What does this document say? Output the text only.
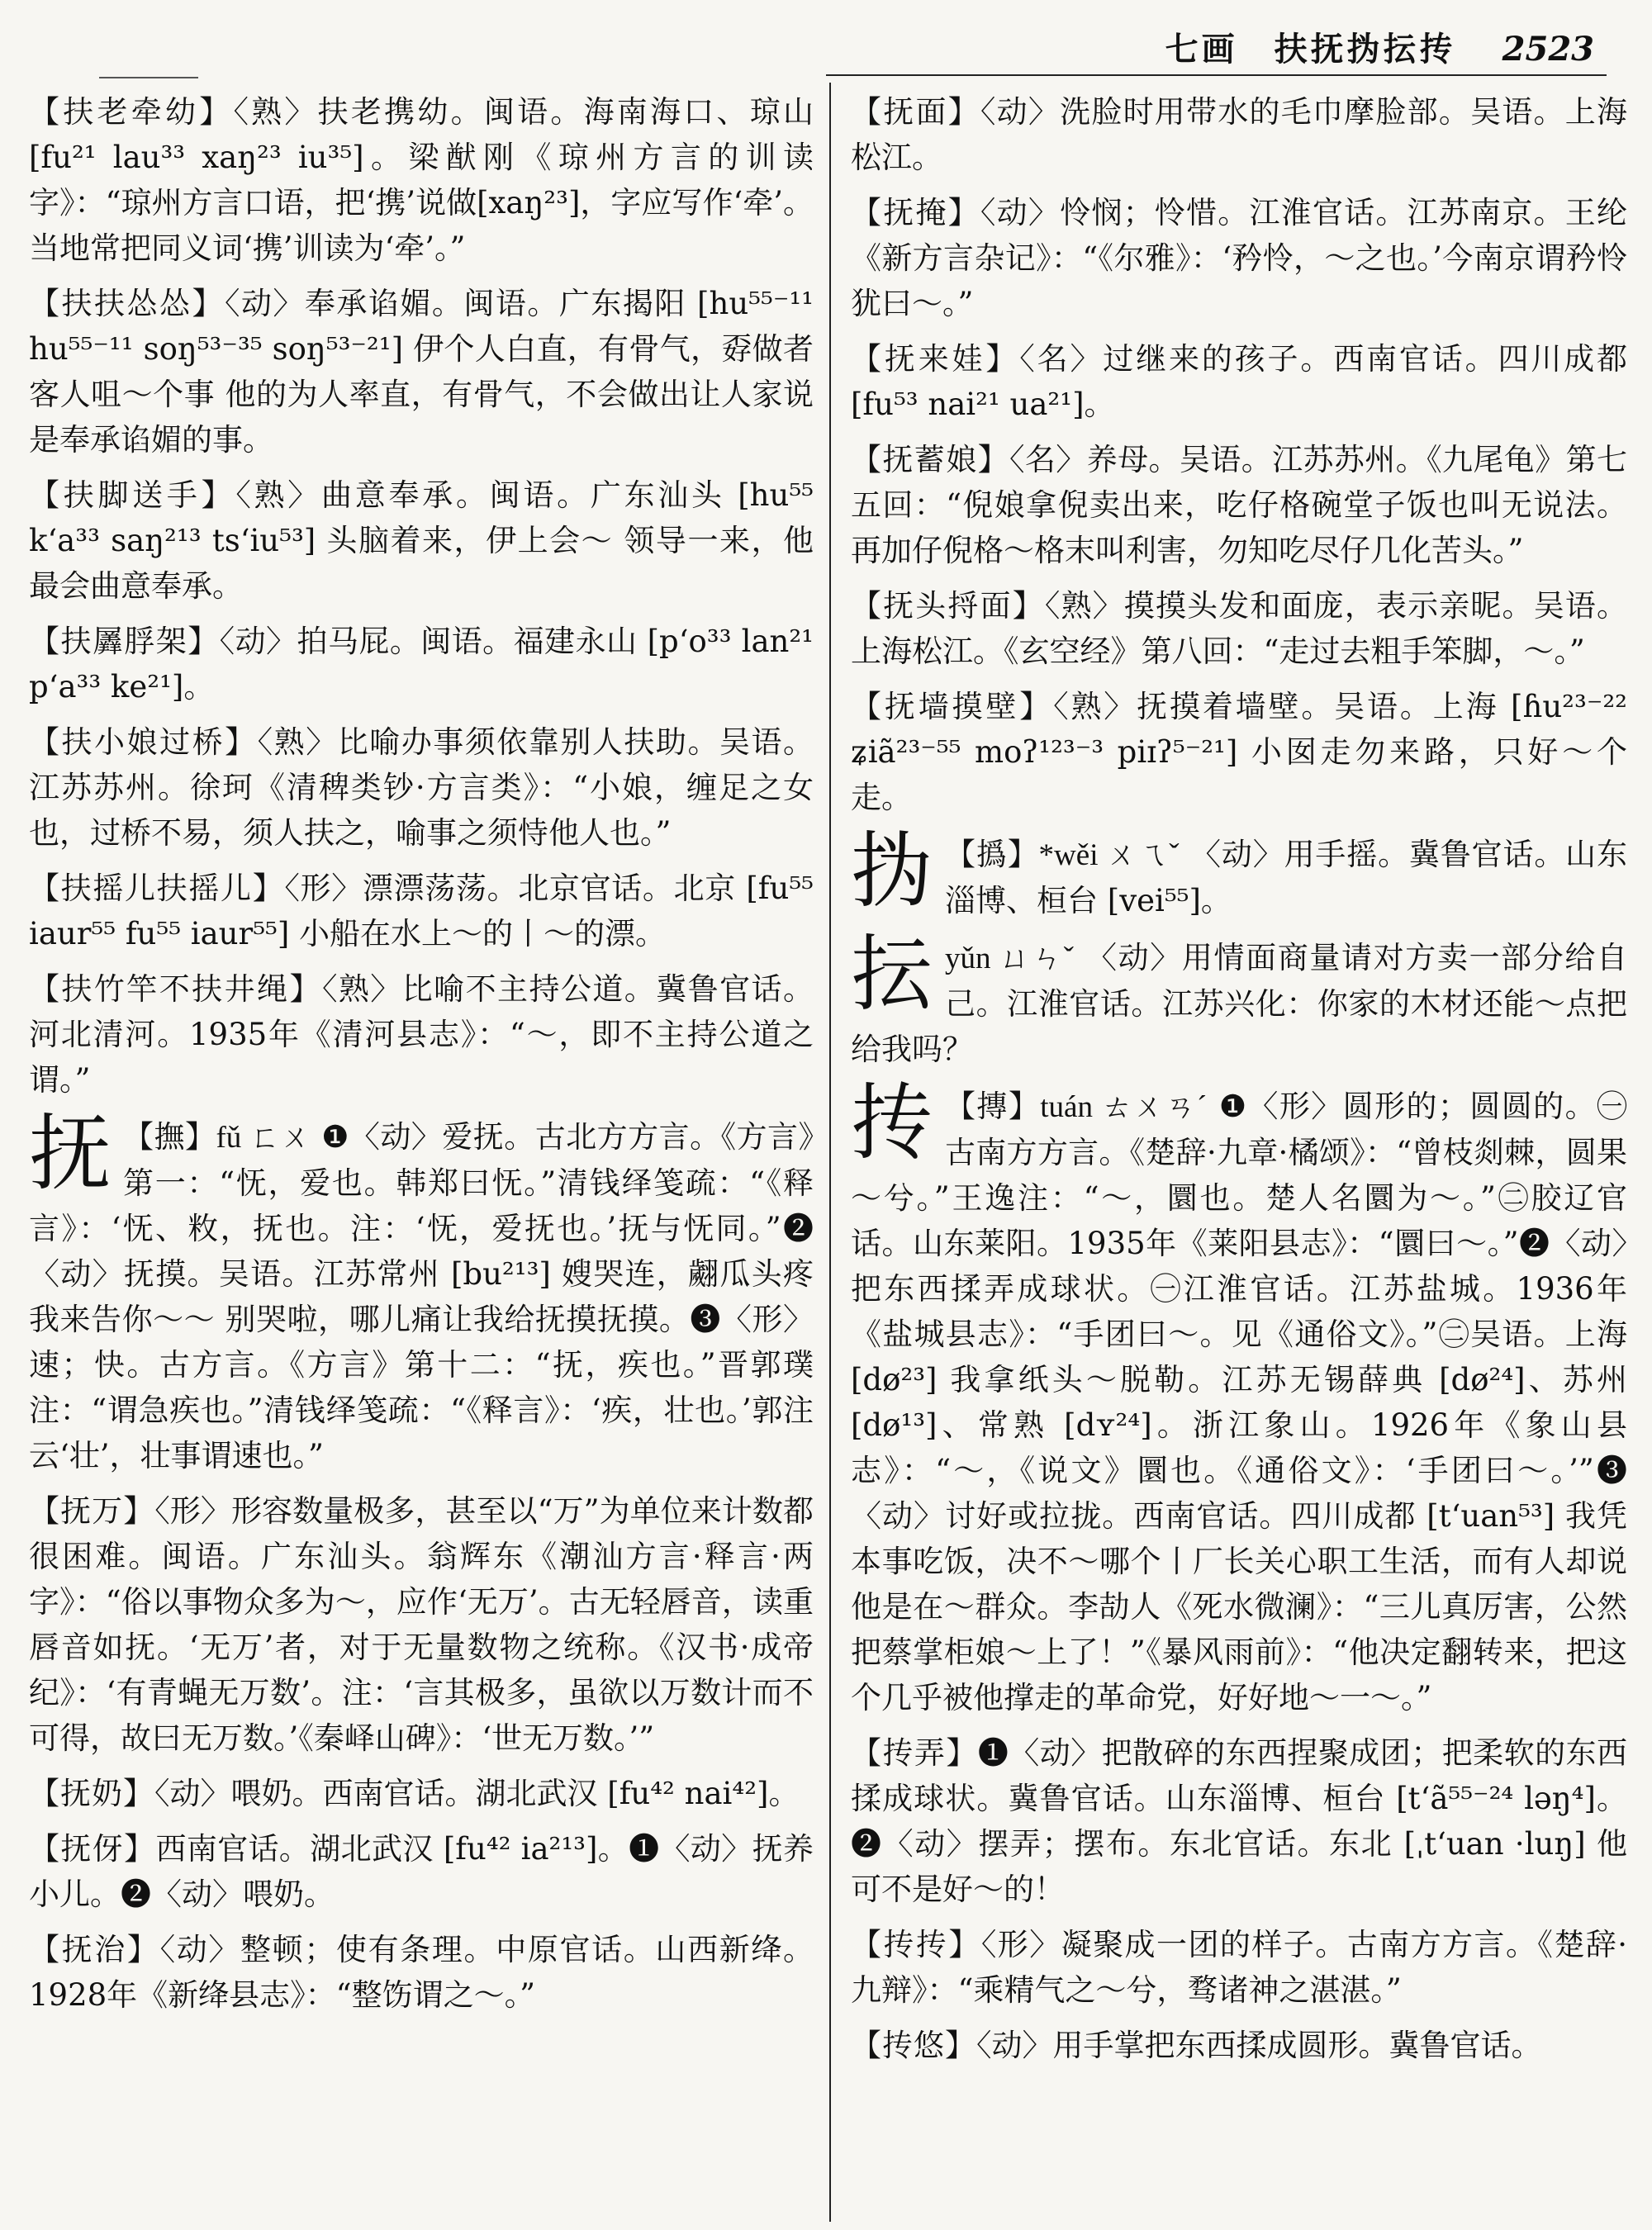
七画　扶抚㧑抎抟 2523
【扶老牵幼】〈熟〉扶老携幼。闽语。海南海口、琼山 [fu²¹ lau³³ xaŋ²³ iu³⁵]。梁猷刚《琼州方言的训读字》：“琼州方言口语，把‘携’说做[xaŋ²³]，字应写作‘牵’。当地常把同义词‘携’训读为‘牵’。”
【扶扶怂怂】〈动〉奉承谄媚。闽语。广东揭阳 [hu⁵⁵⁻¹¹ hu⁵⁵⁻¹¹ soŋ⁵³⁻³⁵ soŋ⁵³⁻²¹] 伊个人白直，有骨气，孬做者客人咀～个事 他的为人率直，有骨气，不会做出让人家说是奉承谄媚的事。
【扶脚送手】〈熟〉曲意奉承。闽语。广东汕头 [hu⁵⁵ k‘a³³ saŋ²¹³ ts‘iu⁵³] 头脑着来，伊上会～ 领导一来，他最会曲意奉承。
【扶羼脬架】〈动〉拍马屁。闽语。福建永山 [p‘o³³ lan²¹ p‘a³³ ke²¹]。
【扶小娘过桥】〈熟〉比喻办事须依靠别人扶助。吴语。江苏苏州。徐珂《清稗类钞·方言类》：“小娘，缠足之女也，过桥不易，须人扶之，喻事之须恃他人也。”
【扶摇儿扶摇儿】〈形〉漂漂荡荡。北京官话。北京 [fu⁵⁵ iaur⁵⁵ fu⁵⁵ iaur⁵⁵] 小船在水上～的丨～的漂。
【扶竹竿不扶井绳】〈熟〉比喻不主持公道。冀鲁官话。河北清河。1935年《清河县志》：“～，即不主持公道之谓。”
抚 【撫】fǔ ㄈㄨ ❶〈动〉爱抚。古北方方言。《方言》第一：“怃，爱也。韩郑曰怃。”清钱绎笺疏：“《释言》：‘怃、敉，抚也。注：‘怃，爱抚也。’抚与怃同。”❷〈动〉抚摸。吴语。江苏常州 [bu²¹³] 嫂哭连，翽瓜头疼我来告你～～ 别哭啦，哪儿痛让我给抚摸抚摸。❸〈形〉速；快。古方言。《方言》第十二：“抚，疾也。”晋郭璞注：“谓急疾也。”清钱绎笺疏：“《释言》：‘疾，壮也。’郭注云‘壮’，壮事谓速也。”
【抚万】〈形〉形容数量极多，甚至以“万”为单位来计数都很困难。闽语。广东汕头。翁辉东《潮汕方言·释言·两字》：“俗以事物众多为～，应作‘无万’。古无轻唇音，读重唇音如抚。‘无万’者，对于无量数物之统称。《汉书·成帝纪》：‘有青蝇无万数’。注：‘言其极多，虽欲以万数计而不可得，故曰无万数。’《秦峄山碑》：‘世无万数。’”
【抚奶】〈动〉喂奶。西南官话。湖北武汉 [fu⁴² nai⁴²]。
【抚伢】西南官话。湖北武汉 [fu⁴² ia²¹³]。❶〈动〉抚养小儿。❷〈动〉喂奶。
【抚治】〈动〉整顿；使有条理。中原官话。山西新绛。1928年《新绛县志》：“整饬谓之～。”
【抚面】〈动〉洗脸时用带水的毛巾摩脸部。吴语。上海松江。
【抚掩】〈动〉怜悯；怜惜。江淮官话。江苏南京。王纶《新方言杂记》：“《尔雅》：‘矜怜，～之也。’今南京谓矜怜犹曰～。”
【抚来娃】〈名〉过继来的孩子。西南官话。四川成都 [fu⁵³ nai²¹ ua²¹]。
【抚蓄娘】〈名〉养母。吴语。江苏苏州。《九尾龟》第七五回：“倪娘拿倪卖出来，吃仔格碗堂子饭也叫无说法。再加仔倪格～格末叫利害，勿知吃尽仔几化苦头。”
【抚头捋面】〈熟〉摸摸头发和面庞，表示亲昵。吴语。上海松江。《玄空经》第八回：“走过去粗手笨脚，～。”
【抚墙摸壁】〈熟〉抚摸着墙壁。吴语。上海 [ɦu²³⁻²² ʑiã²³⁻⁵⁵ moʔ¹²³⁻³ piɪʔ⁵⁻²¹] 小囡走勿来路，只好～个走。
㧑 【撝】*wěi ㄨㄟˇ 〈动〉用手摇。冀鲁官话。山东淄博、桓台 [vei⁵⁵]。
抎yǔn ㄩㄣˇ 〈动〉用情面商量请对方卖一部分给自己。江淮官话。江苏兴化：你家的木材还能～点把给我吗？
抟 【摶】tuán ㄊㄨㄢˊ ❶〈形〉圆形的；圆圆的。㊀古南方方言。《楚辞·九章·橘颂》：“曾枝剡棘，圆果～兮。”王逸注：“～，圜也。楚人名圜为～。”㊁胶辽官话。山东莱阳。1935年《莱阳县志》：“圜曰～。”❷〈动〉把东西揉弄成球状。㊀江淮官话。江苏盐城。1936年《盐城县志》：“手团曰～。见《通俗文》。”㊁吴语。上海 [dø²³] 我拿纸头～脱勒。江苏无锡薛典 [dø²⁴]、苏州 [dø¹³]、常熟 [dʏ²⁴]。浙江象山。1926年《象山县志》：“～，《说文》圜也。《通俗文》：‘手团曰～。’”❸〈动〉讨好或拉拢。西南官话。四川成都 [t‘uan⁵³] 我凭本事吃饭，决不～哪个丨厂长关心职工生活，而有人却说他是在～群众。李劼人《死水微澜》：“三儿真厉害，公然把蔡掌柜娘～上了！”《暴风雨前》：“他决定翻转来，把这个几乎被他撑走的革命党，好好地～一～。”
【抟弄】❶〈动〉把散碎的东西捏聚成团；把柔软的东西揉成球状。冀鲁官话。山东淄博、桓台 [t‘ã⁵⁵⁻²⁴ ləŋ⁴]。❷〈动〉摆弄；摆布。东北官话。东北 [ˌt‘uan ·luŋ] 他可不是好～的！
【抟抟】〈形〉凝聚成一团的样子。古南方方言。《楚辞·九辩》：“乘精气之～兮，骛诸神之湛湛。”
【抟悠】〈动〉用手掌把东西揉成圆形。冀鲁官话。
